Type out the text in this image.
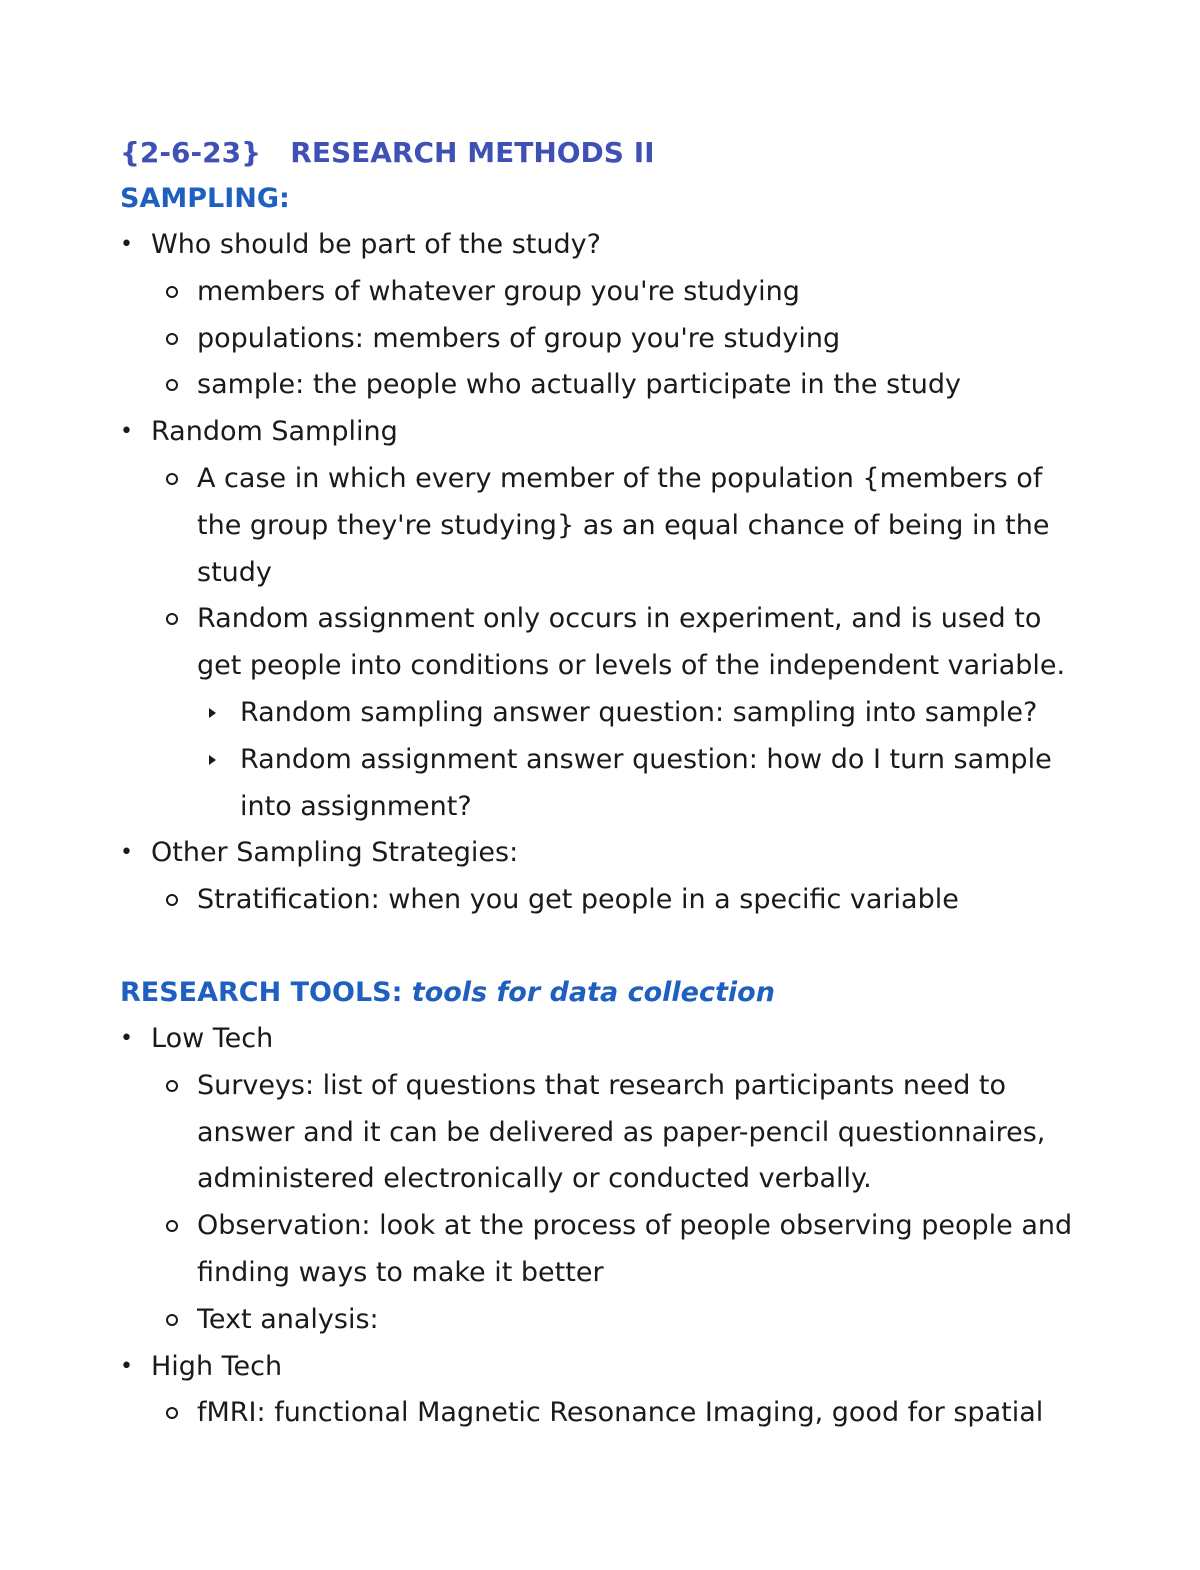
{2-6-23}   RESEARCH METHODS II
SAMPLING:
• Who should be part of the study?
members of whatever group you're studying
populations: members of group you're studying
sample: the people who actually participate in the study
• Random Sampling
A case in which every member of the population {members of the group they're studying} as an equal chance of being in the study
Random assignment only occurs in experiment, and is used to get people into conditions or levels of the independent variable.
Random sampling answer question: sampling into sample?
Random assignment answer question: how do I turn sample into assignment?
• Other Sampling Strategies:
Stratification: when you get people in a specific variable
RESEARCH TOOLS: tools for data collection
• Low Tech
Surveys: list of questions that research participants need to answer and it can be delivered as paper-pencil questionnaires, administered electronically or conducted verbally.
Observation: look at the process of people observing people and finding ways to make it better
Text analysis:
• High Tech
fMRI: functional Magnetic Resonance Imaging, good for spatial
